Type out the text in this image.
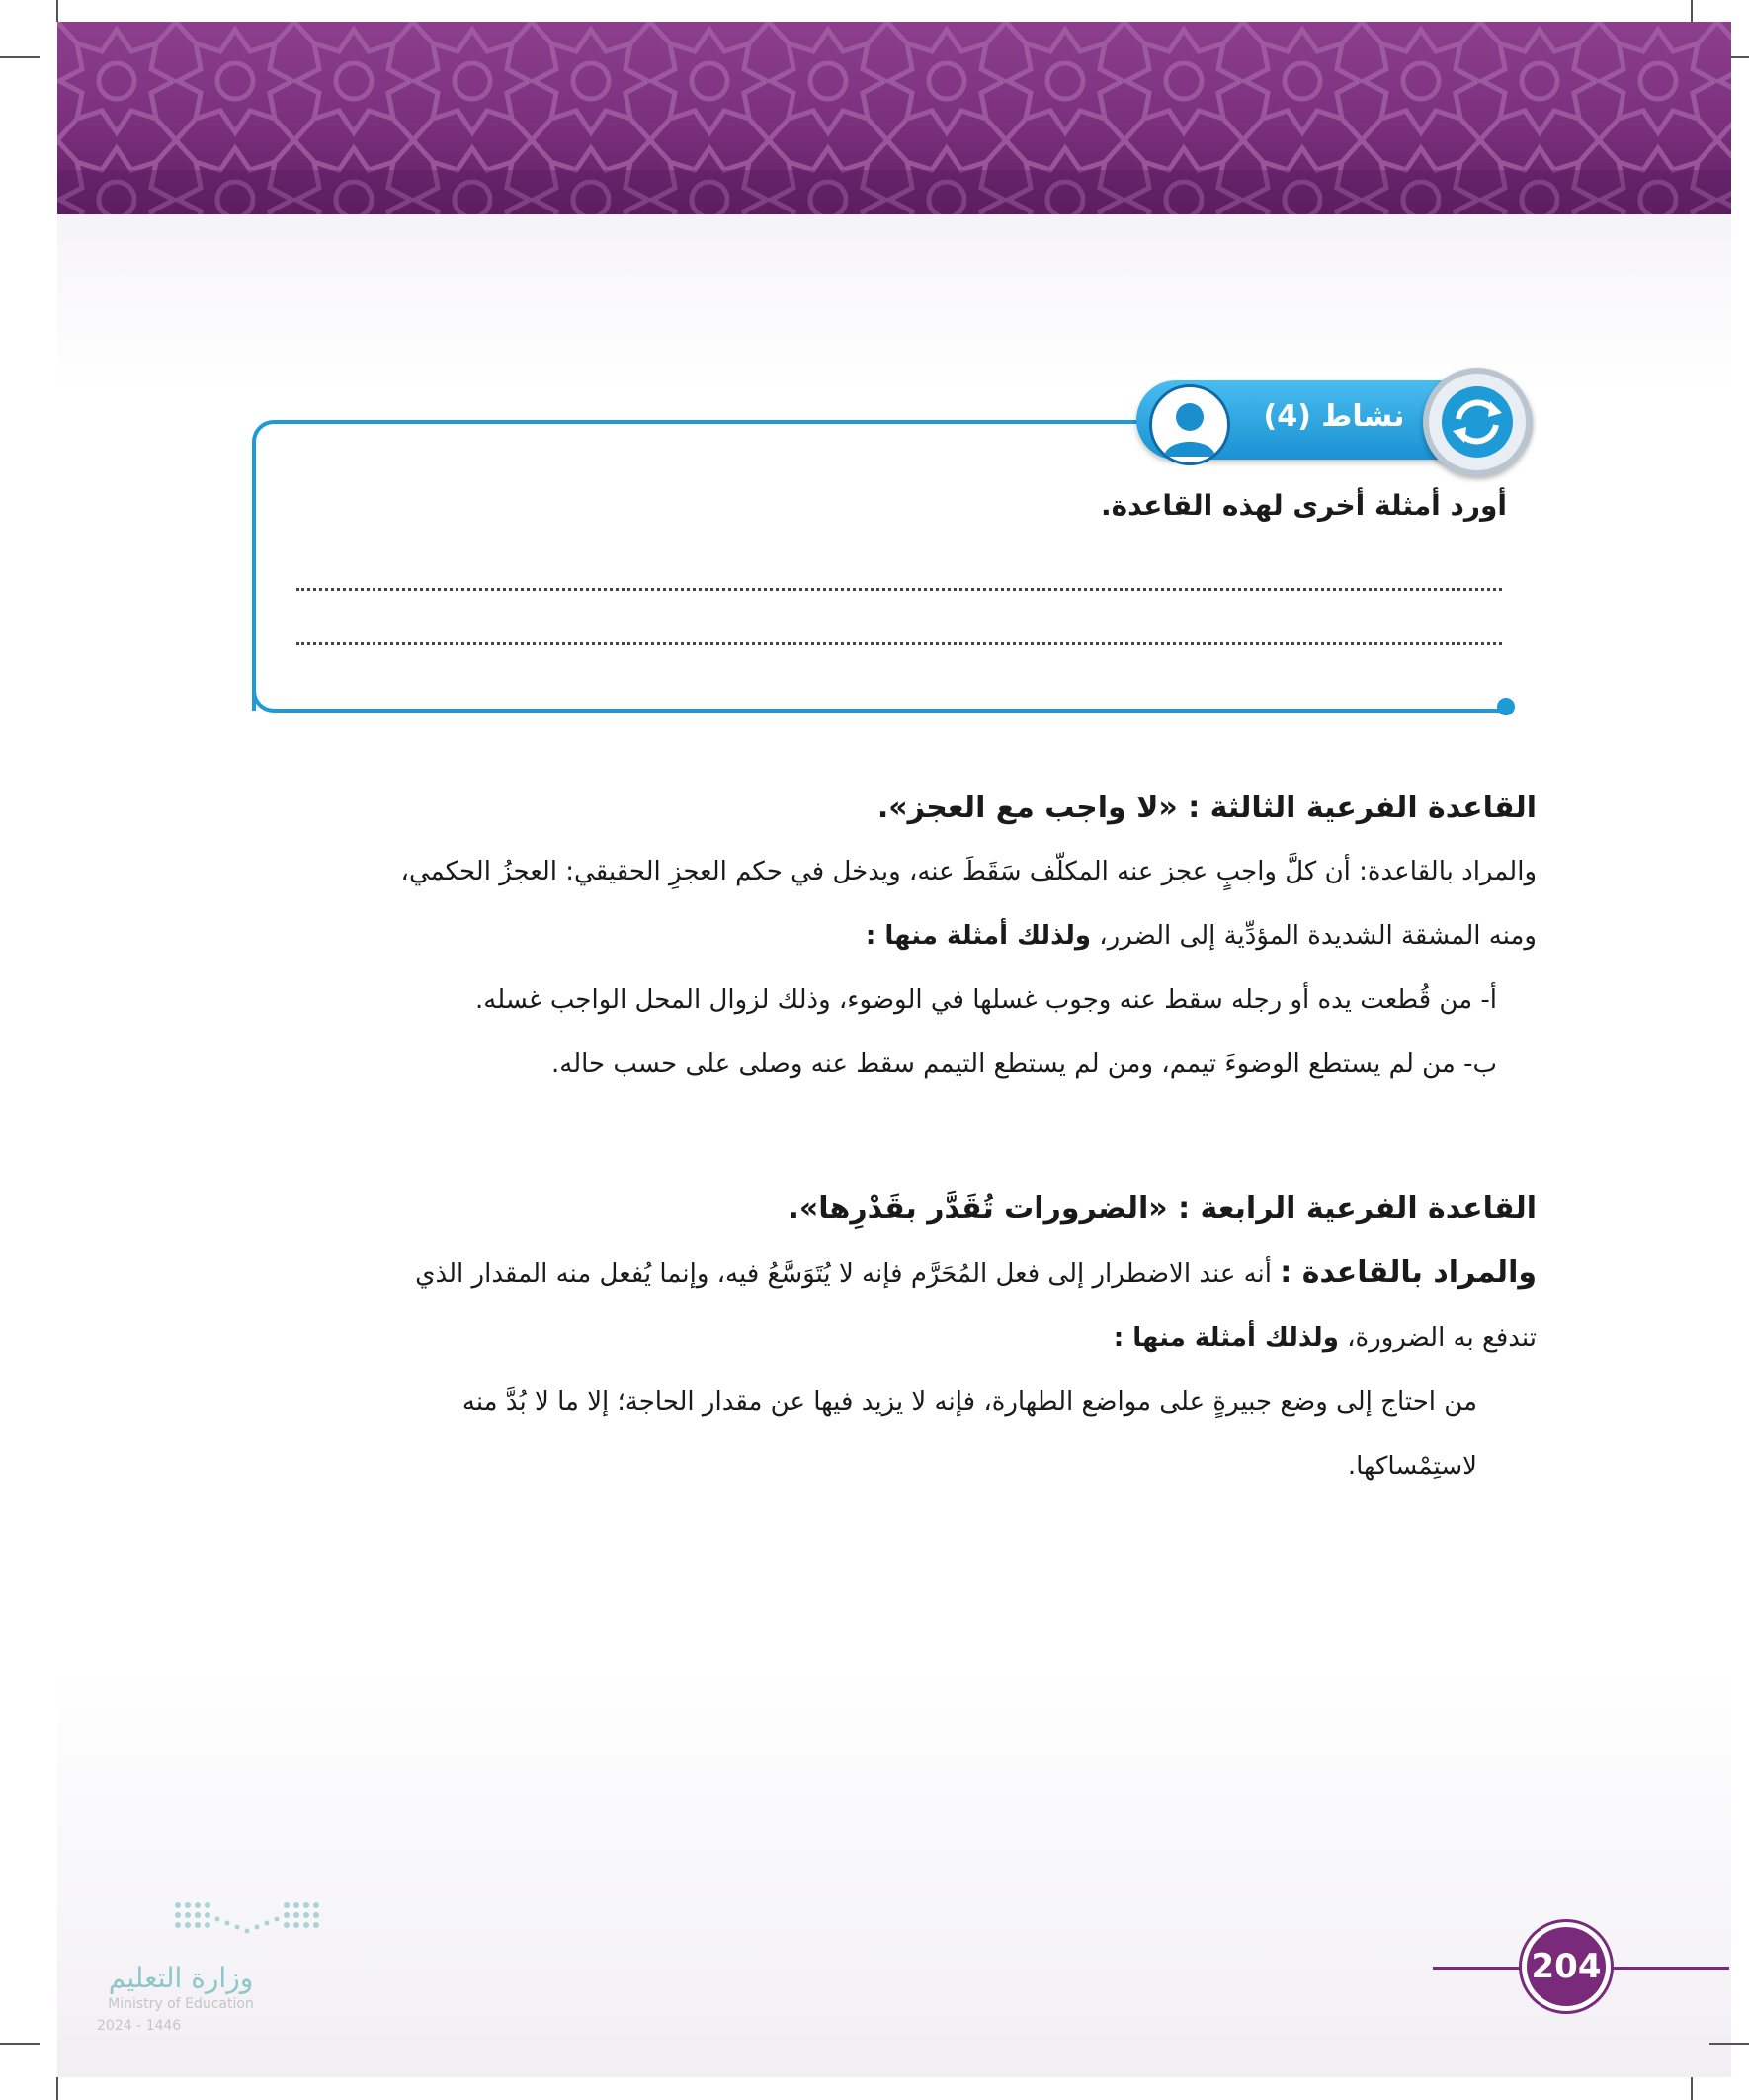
نشاط (4)
أورد أمثلة أخرى لهذه القاعدة.
القاعدة الفرعية الثالثة : «لا واجب مع العجز».
والمراد بالقاعدة: أن كلَّ واجبٍ عجز عنه المكلّف سَقَطَ عنه، ويدخل في حكم العجزِ الحقيقي: العجزُ الحكمي،
ومنه المشقة الشديدة المؤدِّية إلى الضرر، ولذلك أمثلة منها :
أ- من قُطعت يده أو رجله سقط عنه وجوب غسلها في الوضوء، وذلك لزوال المحل الواجب غسله.
ب- من لم يستطع الوضوءَ تيمم، ومن لم يستطع التيمم سقط عنه وصلى على حسب حاله.
القاعدة الفرعية الرابعة : «الضرورات تُقَدَّر بقَدْرِها».
والمراد بالقاعدة : أنه عند الاضطرار إلى فعل المُحَرَّم فإنه لا يُتَوَسَّعُ فيه، وإنما يُفعل منه المقدار الذي
تندفع به الضرورة، ولذلك أمثلة منها :
من احتاج إلى وضع جبيرةٍ على مواضع الطهارة، فإنه لا يزيد فيها عن مقدار الحاجة؛ إلا ما لا بُدَّ منه
لاستِمْساكها.
204
وزارة التعليم
Ministry of Education
2024 - 1446
